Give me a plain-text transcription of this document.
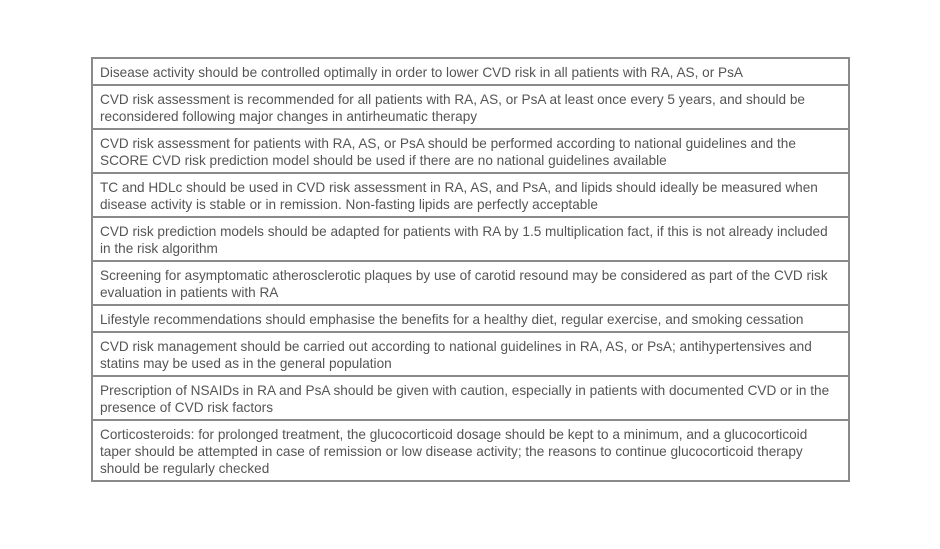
Disease activity should be controlled optimally in order to lower CVD risk in all patients with RA, AS, or PsA
CVD risk assessment is recommended for all patients with RA, AS, or PsA at least once every 5 years, and should be reconsidered following major changes in antirheumatic therapy
CVD risk assessment for patients with RA, AS, or PsA should be performed according to national guidelines and the SCORE CVD risk prediction model should be used if there are no national guidelines available
TC and HDLc should be used in CVD risk assessment in RA, AS, and PsA, and lipids should ideally be measured when disease activity is stable or in remission. Non-fasting lipids are perfectly acceptable
CVD risk prediction models should be adapted for patients with RA by 1.5 multiplication fact, if this is not already included in the risk algorithm
Screening for asymptomatic atherosclerotic plaques by use of carotid resound may be considered as part of the CVD risk evaluation in patients with RA
Lifestyle recommendations should emphasise the benefits for a healthy diet, regular exercise, and smoking cessation
CVD risk management should be carried out according to national guidelines in RA, AS, or PsA; antihypertensives and statins may be used as in the general population
Prescription of NSAIDs in RA and PsA should be given with caution, especially in patients with documented CVD or in the presence of CVD risk factors
Corticosteroids: for prolonged treatment, the glucocorticoid dosage should be kept to a minimum, and a glucocorticoid taper should be attempted in case of remission or low disease activity; the reasons to continue glucocorticoid therapy should be regularly checked
